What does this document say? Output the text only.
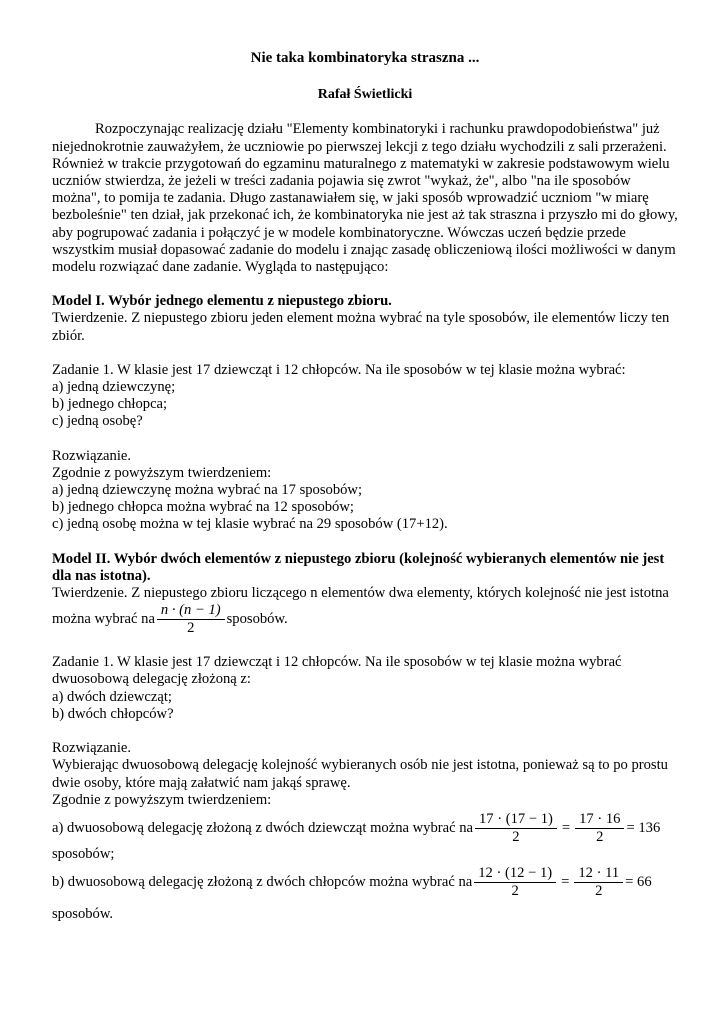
Nie taka kombinatoryka straszna ...
Rafał Świetlicki

Rozpoczynając realizację działu "Elementy kombinatoryki i rachunku prawdopodobieństwa" już niejednokrotnie zauważyłem, że uczniowie po pierwszej lekcji z tego działu wychodzili z sali przerażeni. Również w trakcie przygotowań do egzaminu maturalnego z matematyki w zakresie podstawowym wielu uczniów stwierdza, że jeżeli w treści zadania pojawia się zwrot "wykaż, że", albo "na ile sposobów można", to pomija te zadania. Długo zastanawiałem się, w jaki sposób wprowadzić uczniom "w miarę bezboleśnie" ten dział, jak przekonać ich, że kombinatoryka nie jest aż tak straszna i przyszło mi do głowy, aby pogrupować zadania i połączyć je w modele kombinatoryczne. Wówczas uczeń będzie przede wszystkim musiał dopasować zadanie do modelu i znając zasadę obliczeniową ilości możliwości w danym modelu rozwiązać dane zadanie. Wygląda to następująco:

Model I. Wybór jednego elementu z niepustego zbioru.

Twierdzenie. Z niepustego zbioru jeden element można wybrać na tyle sposobów, ile elementów liczy ten zbiór.

Zadanie 1. W klasie jest 17 dziewcząt i 12 chłopców. Na ile sposobów w tej klasie można wybrać:

a) jedną dziewczynę;

b) jednego chłopca;

c) jedną osobę?

Rozwiązanie.

Zgodnie z powyższym twierdzeniem:

a) jedną dziewczynę można wybrać na 17 sposobów;

b) jednego chłopca można wybrać na 12 sposobów;

c) jedną osobę można w tej klasie wybrać na 29 sposobów (17+12).

Model II. Wybór dwóch elementów z niepustego zbioru (kolejność wybieranych elementów nie jest dla nas istotna).

Twierdzenie. Z niepustego zbioru liczącego n elementów dwa elementy, których kolejność nie jest istotna

można wybrać na $\frac{n \cdot (n - 1)}{2}$ sposobów.

Zadanie 1. W klasie jest 17 dziewcząt i 12 chłopców. Na ile sposobów w tej klasie można wybrać dwuosobową delegację złożoną z:

a) dwóch dziewcząt;

b) dwóch chłopców?

Rozwiązanie.

Wybierając dwuosobową delegację kolejność wybieranych osób nie jest istotna, ponieważ są to po prostu dwie osoby, które mają załatwić nam jakąś sprawę.

Zgodnie z powyższym twierdzeniem:

a) dwuosobową delegację złożoną z dwóch dziewcząt można wybrać na $\frac{17 \cdot (17 - 1)}{2} = \frac{17 \cdot 16}{2} = 136$

sposobów;

b) dwuosobową delegację złożoną z dwóch chłopców można wybrać na $\frac{12 \cdot (12 - 1)}{2} = \frac{12 \cdot 11}{2} = 66$

sposobów.
